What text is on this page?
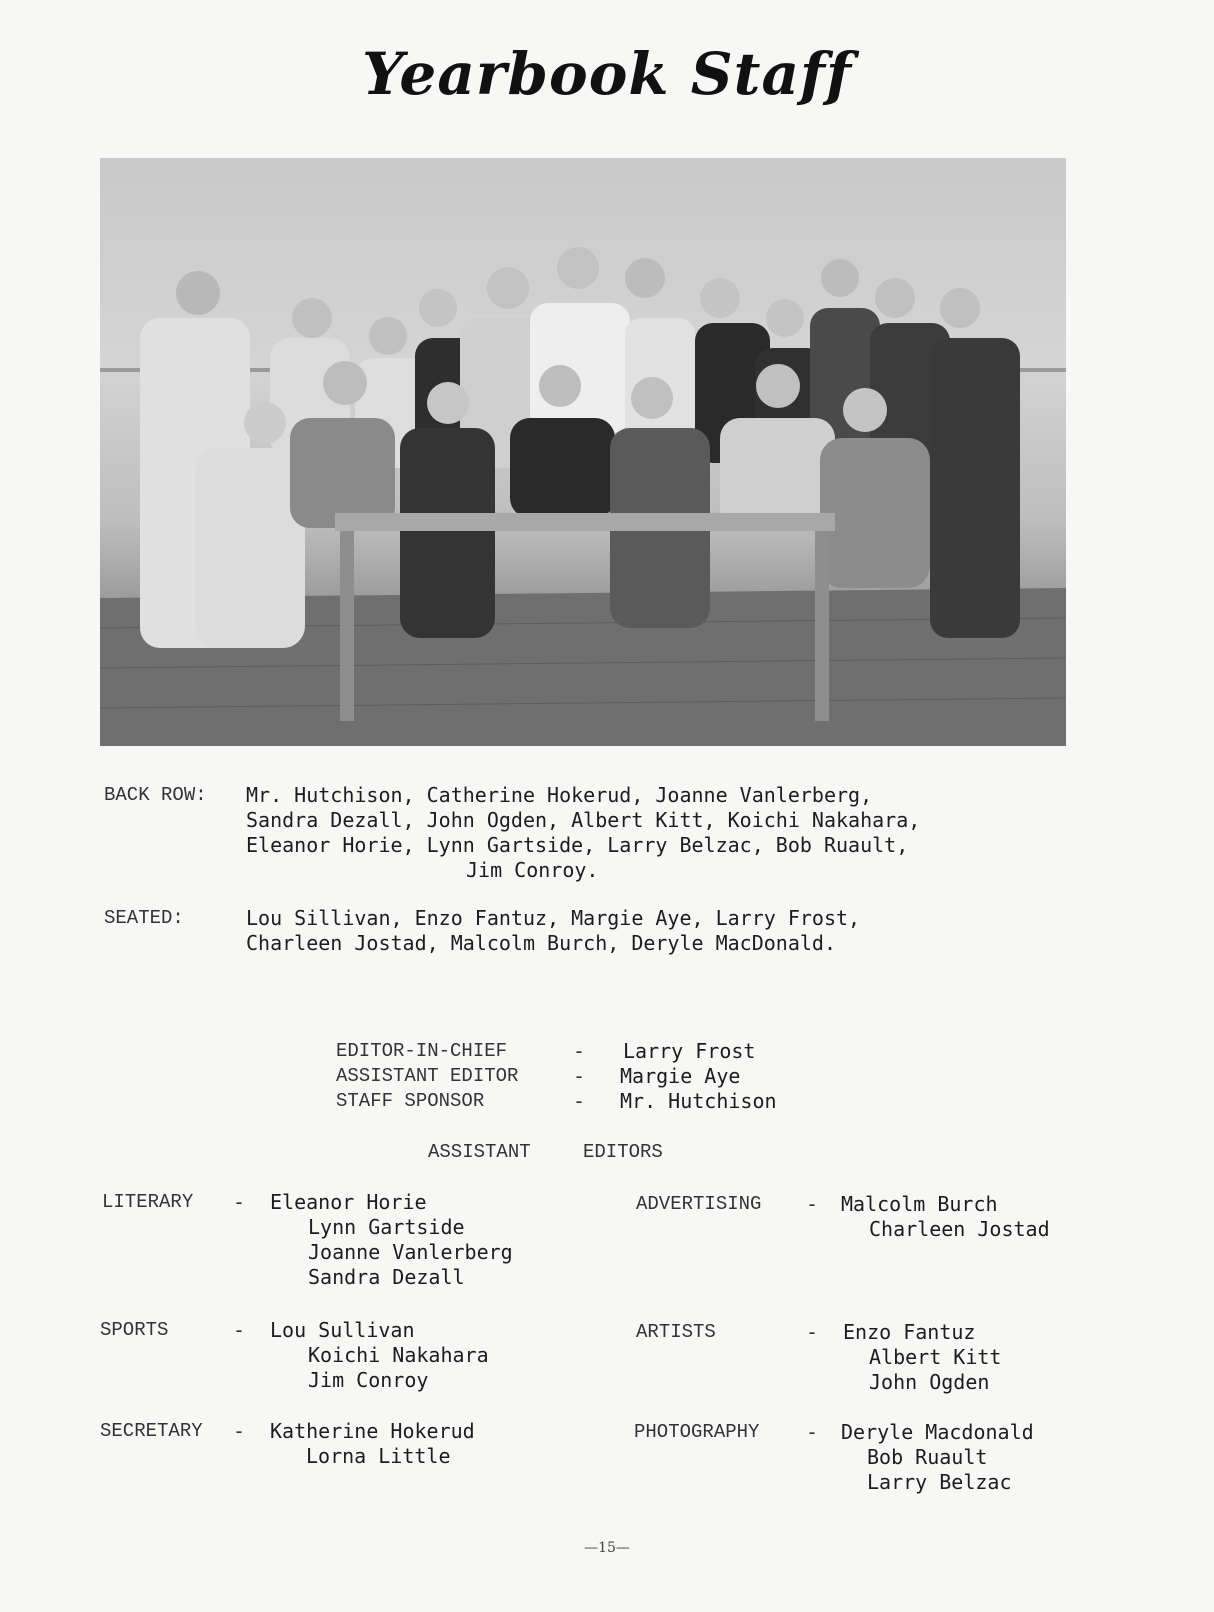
Yearbook Staff
BACK ROW: Mr. Hutchison, Catherine Hokerud, Joanne Vanlerberg,
Sandra Dezall, John Ogden, Albert Kitt, Koichi Nakahara,
Eleanor Horie, Lynn Gartside, Larry Belzac, Bob Ruault,
Jim Conroy.
SEATED:	Lou Sillivan, Enzo Fantuz, Margie Aye, Larry Frost,
Charleen Jostad, Malcolm Burch, Deryle MacDonald.
EDITOR-IN-CHIEF	- Larry Frost
ASSISTANT EDITOR	- Margie Aye
STAFF SPONSOR	- Mr. Hutchison
ASSISTANT	EDITORS
LITERARY - Eleanor Horie
Lynn Gartside
Joanne Vanlerberg
Sandra Dezall
SPORTS	- Lou Sullivan
Koichi Nakahara
Jim Conroy
SECRETARY - Katherine Hokerud
Lorna Little
ADVERTISING - Malcolm Burch
Charleen Jostad
ARTISTS	- Enzo Fantuz
Albert Kitt
John Ogden
PHOTOGRAPHY - Deryle Macdonald
Bob Ruault
Larry Belzac
—15—
